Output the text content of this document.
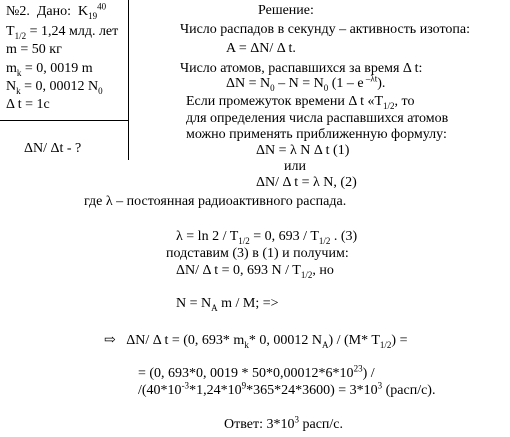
№2. Дано: $K_{19}^{40}$
$T_{1/2} = 1,24$ млд. лет
m = 50 кг
$m_k = 0$, 0019 m
$N_k = 0$, 00012 $N_0$
Δ t = 1c
ΔN/ Δt - ?
Решение:
Число распадов в секунду – активность изотопа:
A = ΔN/ Δ t.
Число атомов, распавшихся за время Δ t:
$\Delta N = N_0 - N = N_0$ (1 – e $^{-\lambda t}$).
Если промежуток времени Δ t «$T_{1/2}$, то
для определения числа распавшихся атомов
можно применять приближенную формулу:
ΔN = λ N Δ t (1)
или
ΔN/ Δ t = λ N, (2)
где λ – постоянная радиоактивного распада.
$\lambda = \ln 2 / T_{1/2} = 0$, $693 / T_{1/2}$ . (3)
подставим (3) в (1) и получим:
ΔN/ Δ t = 0, 693 N / $T_{1/2}$, но
$N = N_A$ m / M; =>
⇨ ΔN/ Δ t = (0, 693* $m_k*$ 0, 00012 $N_A) / (M*$ $T_{1/2}$) =
= (0, 693*0, $0019 * 50*0,00012*6*10^{23}$) /
$/(40*10^{-3}*1,24*10^9*365*24*3600) = 3*10^3$ (расп/с).
Ответ: $3*10^3$ расп/с.
